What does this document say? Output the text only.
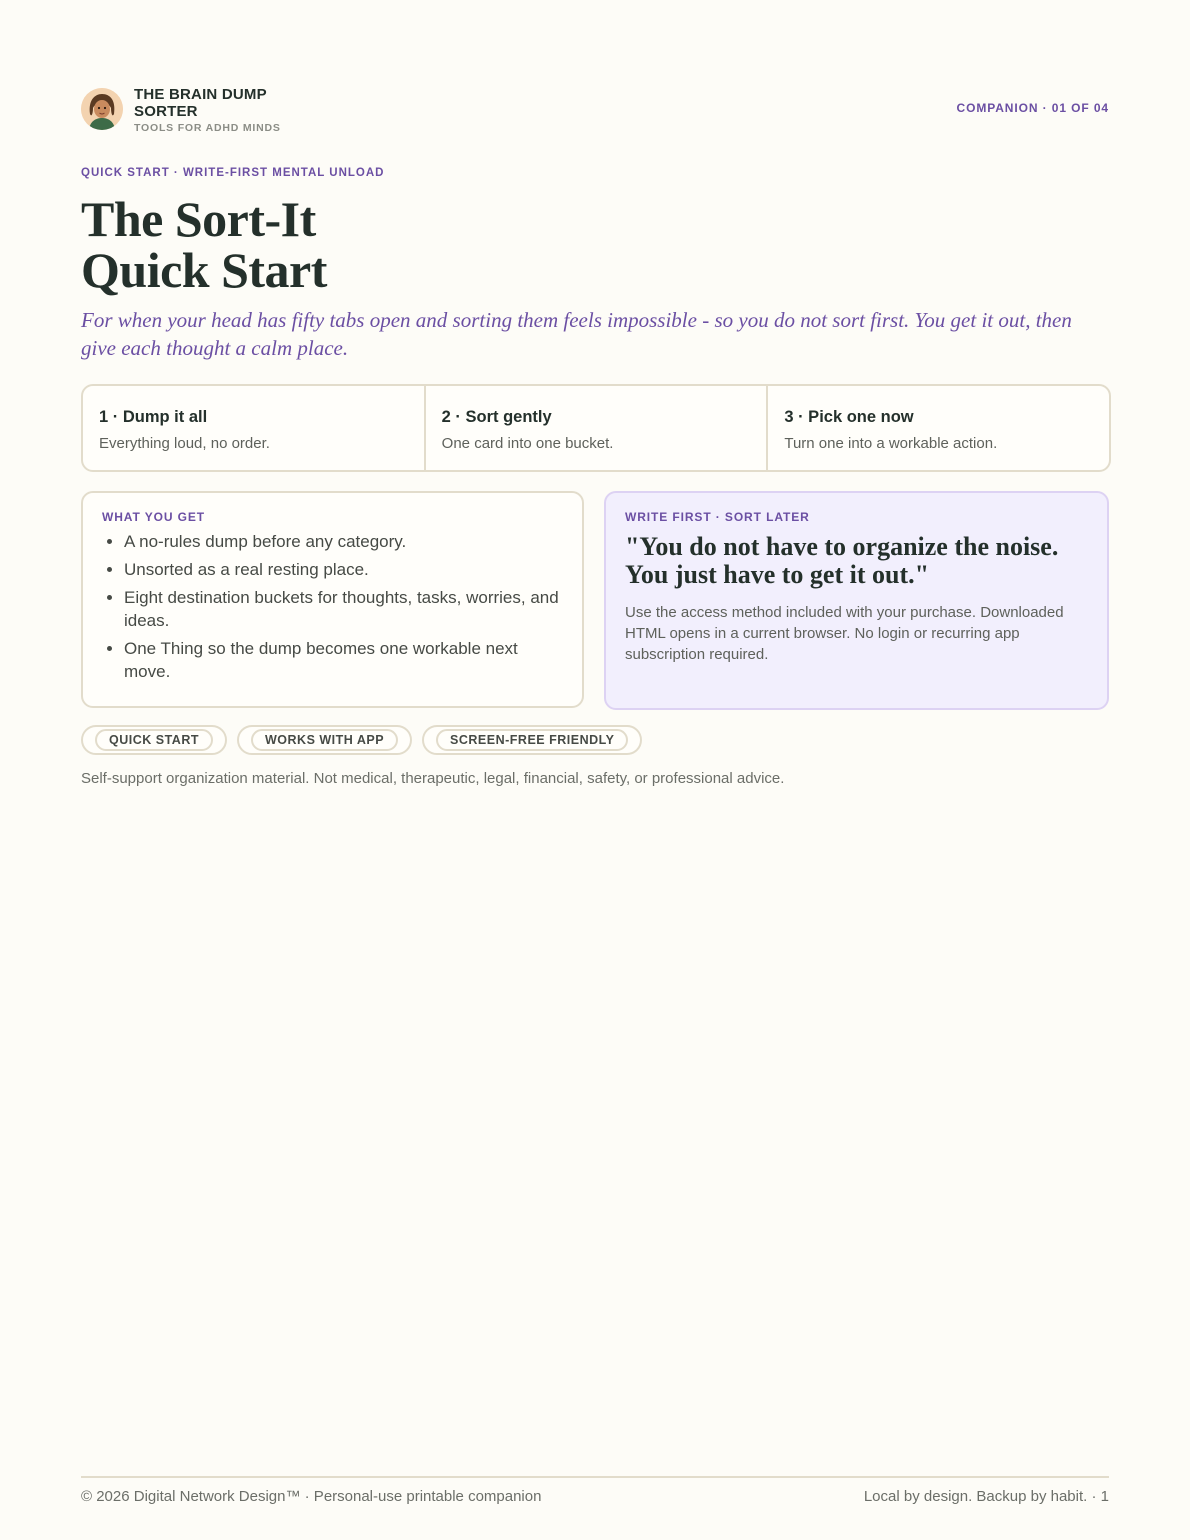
THE BRAIN DUMP SORTER
TOOLS FOR ADHD MINDS
COMPANION · 01 OF 04
QUICK START · WRITE-FIRST MENTAL UNLOAD
The Sort-It
Quick Start
For when your head has fifty tabs open and sorting them feels impossible - so you do not sort first. You get it out, then give each thought a calm place.
1 · Dump it all
Everything loud, no order.
2 · Sort gently
One card into one bucket.
3 · Pick one now
Turn one into a workable action.
WHAT YOU GET
• A no-rules dump before any category.
• Unsorted as a real resting place.
• Eight destination buckets for thoughts, tasks, worries, and ideas.
• One Thing so the dump becomes one workable next move.
WRITE FIRST · SORT LATER
"You do not have to organize the noise.
You just have to get it out."
Use the access method included with your purchase. Downloaded HTML opens in a current browser. No login or recurring app subscription required.
QUICK START	WORKS WITH APP	SCREEN-FREE FRIENDLY
Self-support organization material. Not medical, therapeutic, legal, financial, safety, or professional advice.
© 2026 Digital Network Design™ · Personal-use printable companion	Local by design. Backup by habit. · 1
